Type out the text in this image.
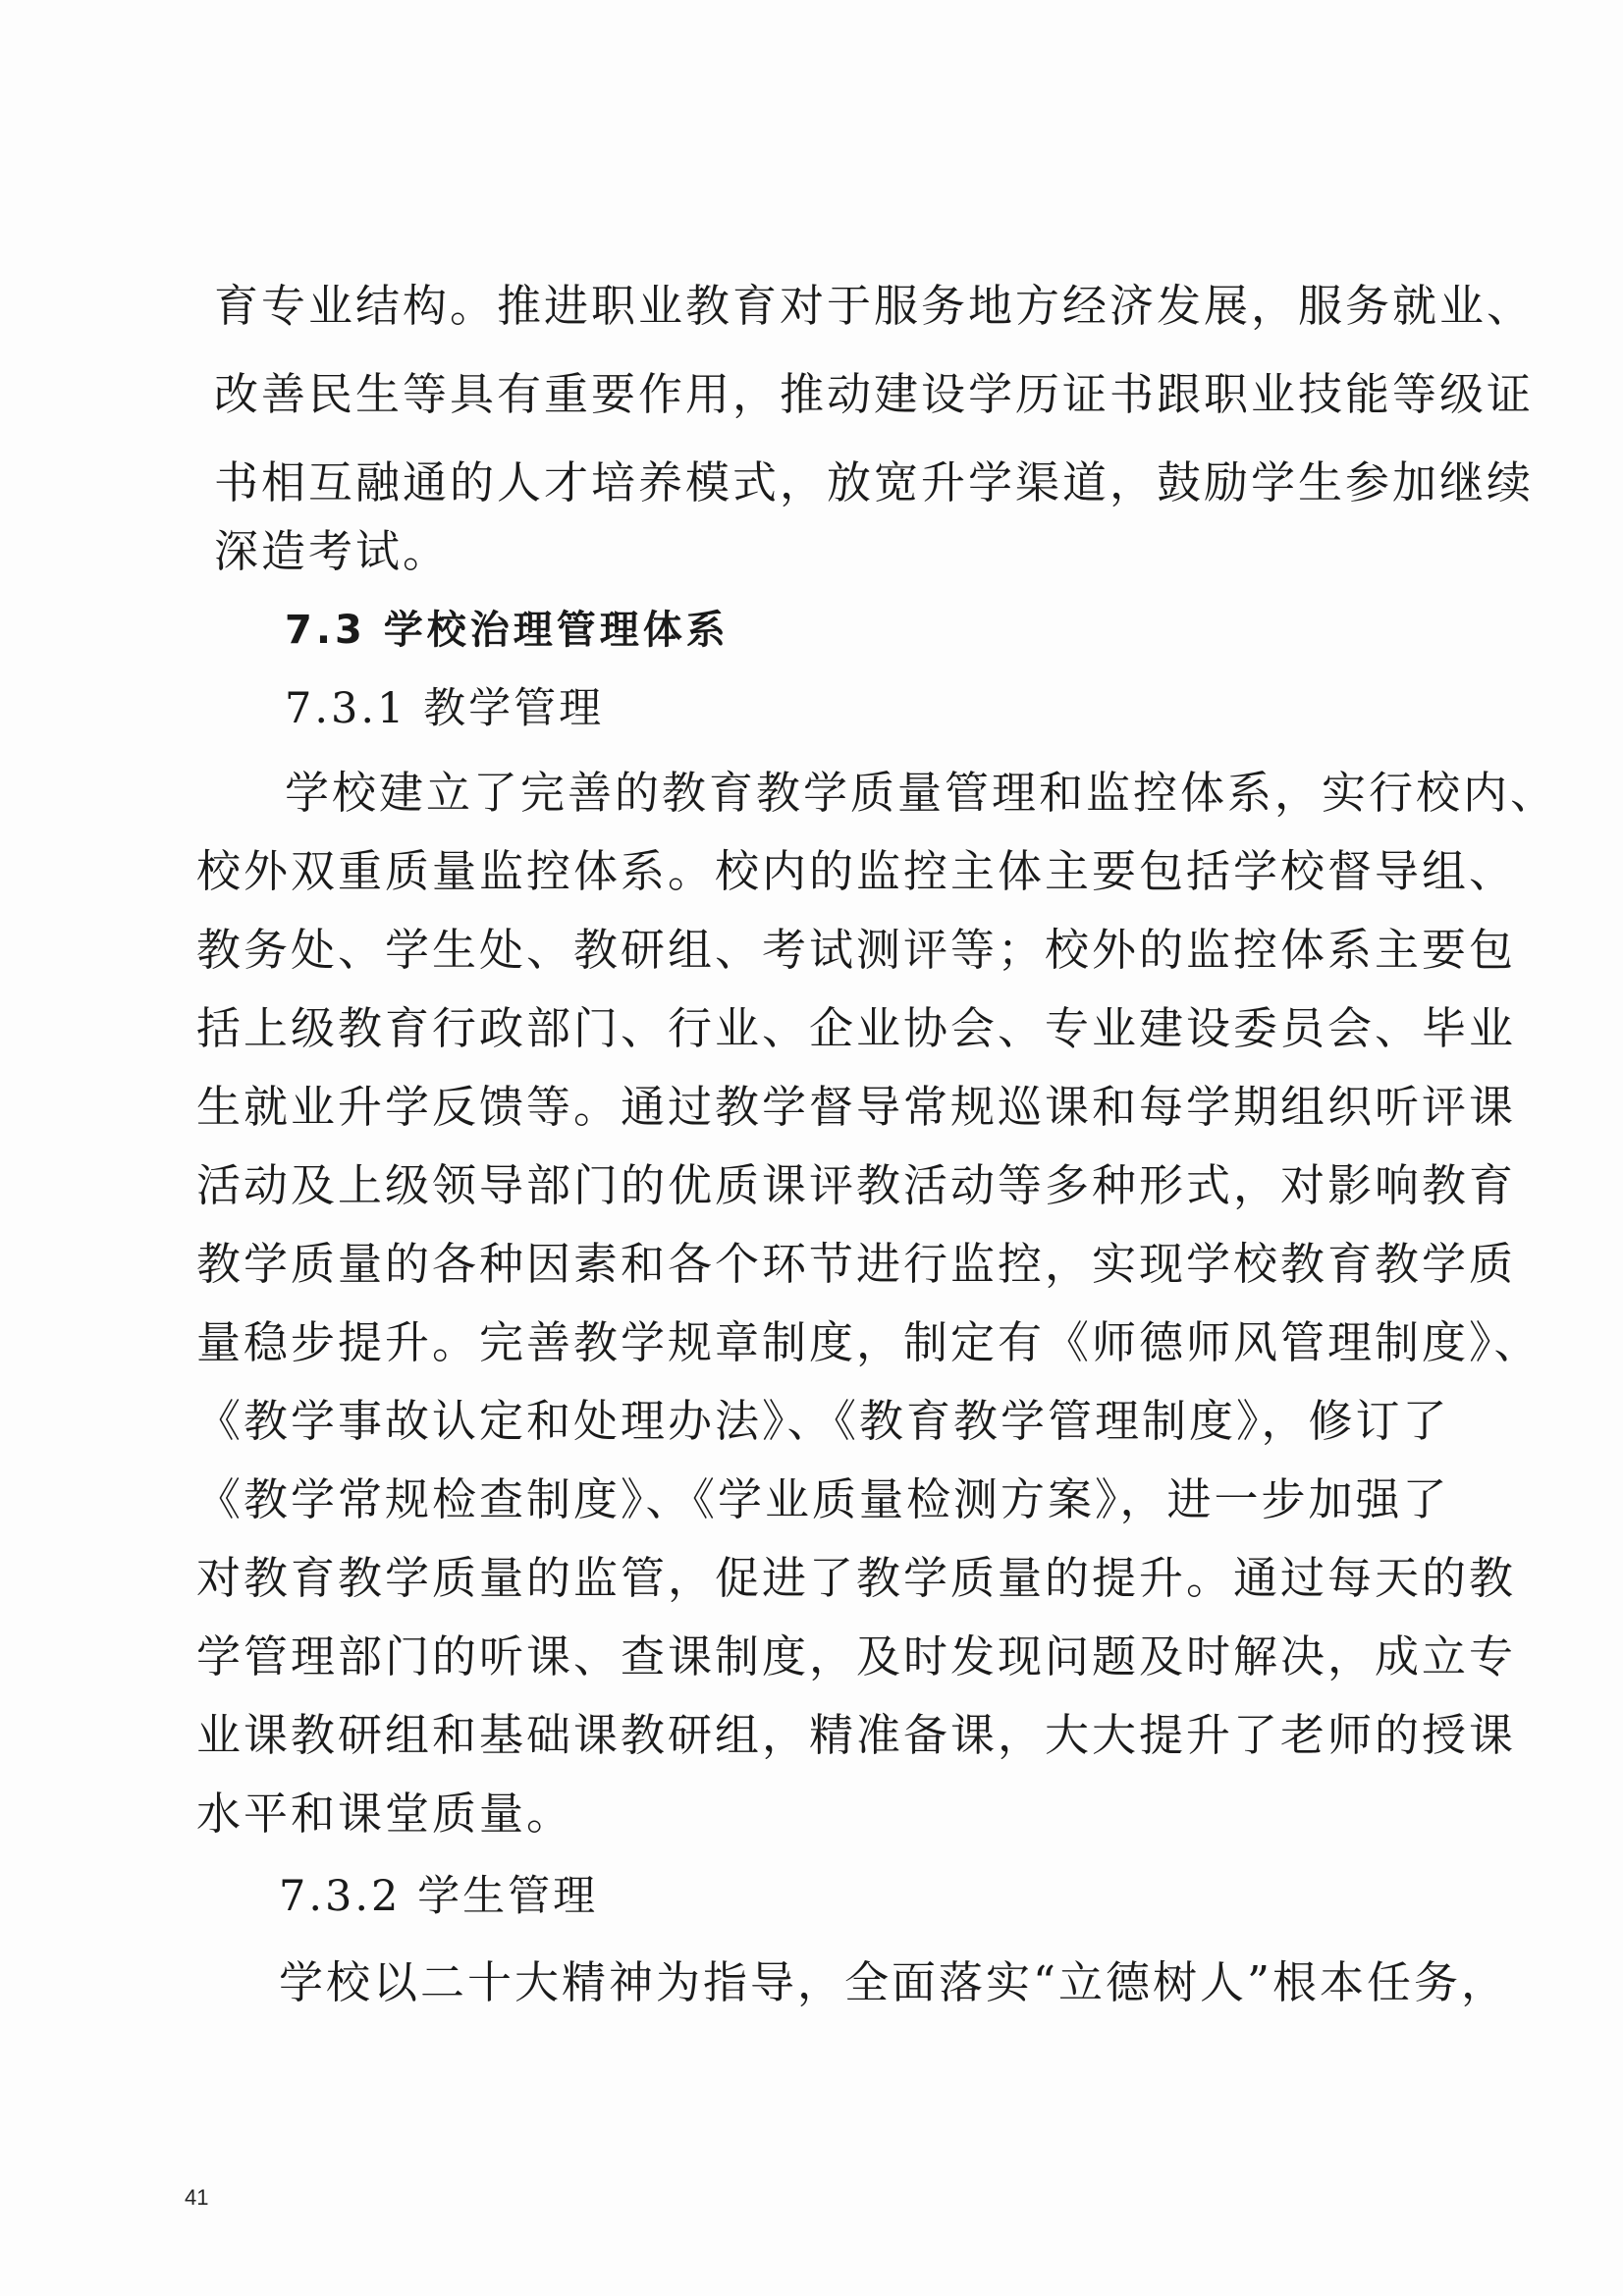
育专业结构。推进职业教育对于服务地方经济发展，服务就业、
改善民生等具有重要作用，推动建设学历证书跟职业技能等级证
书相互融通的人才培养模式，放宽升学渠道，鼓励学生参加继续
深造考试。
7.3 学校治理管理体系
7.3.1 教学管理
学校建立了完善的教育教学质量管理和监控体系，实行校内、
校外双重质量监控体系。校内的监控主体主要包括学校督导组、
教务处、学生处、教研组、考试测评等；校外的监控体系主要包
括上级教育行政部门、行业、企业协会、专业建设委员会、毕业
生就业升学反馈等。通过教学督导常规巡课和每学期组织听评课
活动及上级领导部门的优质课评教活动等多种形式，对影响教育
教学质量的各种因素和各个环节进行监控，实现学校教育教学质
量稳步提升。完善教学规章制度，制定有《师德师风管理制度》、
《教学事故认定和处理办法》、《教育教学管理制度》，修订了
《教学常规检查制度》、《学业质量检测方案》，进一步加强了
对教育教学质量的监管，促进了教学质量的提升。通过每天的教
学管理部门的听课、查课制度，及时发现问题及时解决，成立专
业课教研组和基础课教研组，精准备课，大大提升了老师的授课
水平和课堂质量。
7.3.2 学生管理
学校以二十大精神为指导，全面落实“立德树人”根本任务，
41
